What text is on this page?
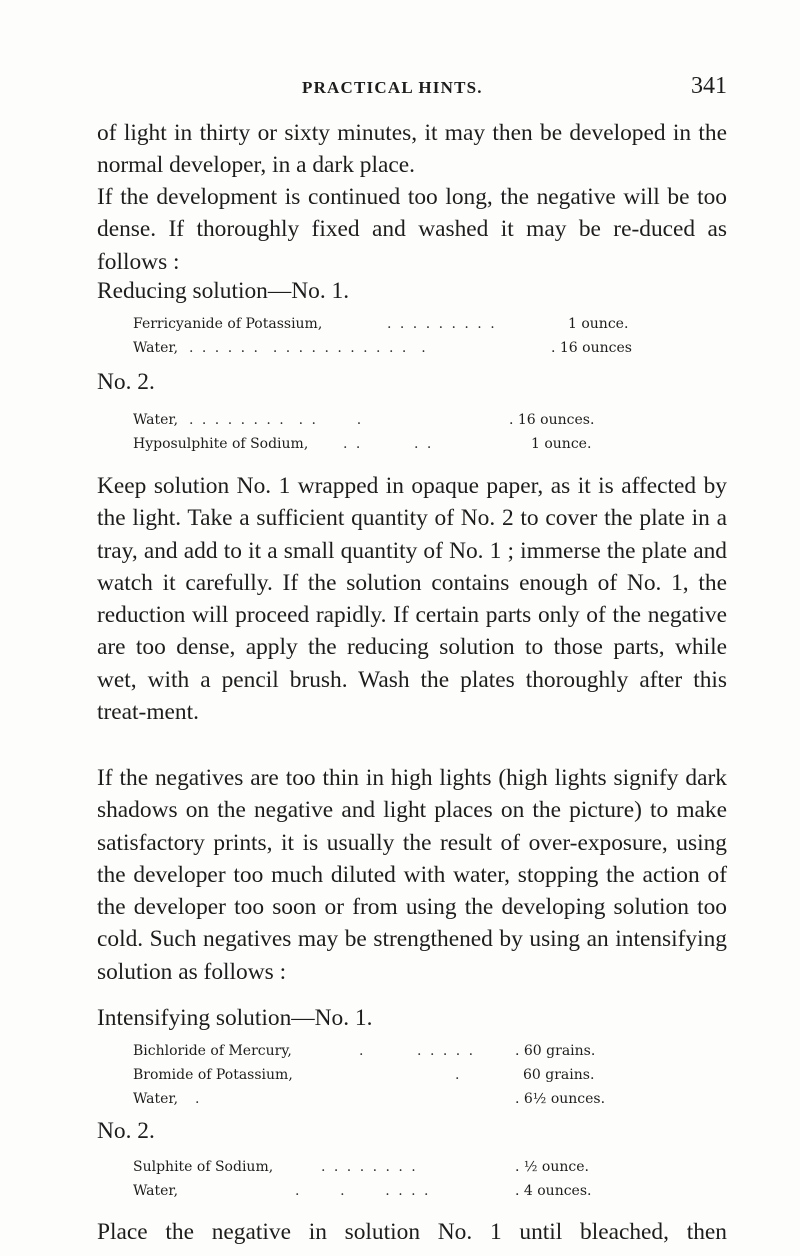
PRACTICAL HINTS.	341

of light in thirty or sixty minutes, it may then be developed in the normal developer, in a dark place.

If the development is continued too long, the negative will be too dense. If thoroughly fixed and washed it may be re-duced as follows :

Reducing solution—No. 1.
Ferricyanide of Potassium,	. . . . . . . . .	1 ounce.
Water, . . . . . .  . . . . . . . . . . .  .	. 16 ounces
No. 2.
Water, . . . . . . . .  . .      .	. 16 ounces.
Hyposulphite of Sodium, . .        . .	1 ounce.

Keep solution No. 1 wrapped in opaque paper, as it is affected by the light. Take a sufficient quantity of No. 2 to cover the plate in a tray, and add to it a small quantity of No. 1 ; immerse the plate and watch it carefully. If the solution contains enough of No. 1, the reduction will proceed rapidly. If certain parts only of the negative are too dense, apply the reducing solution to those parts, while wet, with a pencil brush. Wash the plates thoroughly after this treat-ment.

If the negatives are too thin in high lights (high lights signify dark shadows on the negative and light places on the picture) to make satisfactory prints, it is usually the result of over-exposure, using the developer too much diluted with water, stopping the action of the developer too soon or from using the developing solution too cold. Such negatives may be strengthened by using an intensifying solution as follows :

Intensifying solution—No. 1.
Bichloride of Mercury,	.        . . . . .	. 60 grains.
Bromide of Potassium,	.	60 grains.
Water, .	. 6½ ounces.
No. 2.
Sulphite of Sodium,	. . . . . . . .	. ½ ounce.
Water,	.      .      . . . .	. 4 ounces.

Place the negative in solution No. 1 until bleached, then
